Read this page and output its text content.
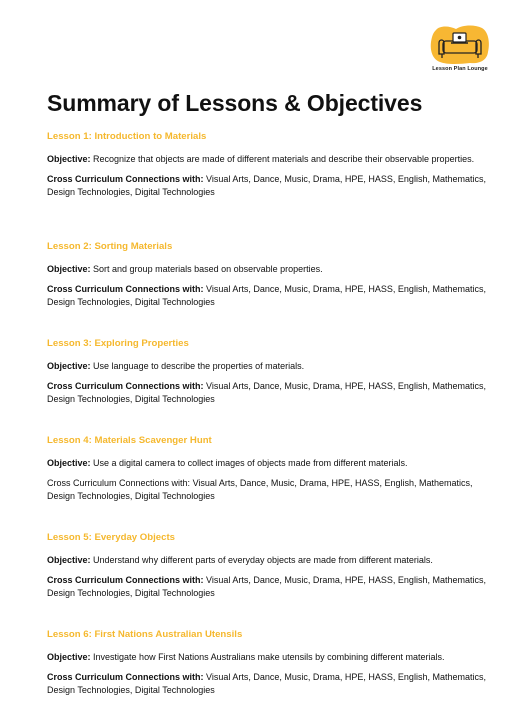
Lesson Plan Lounge
Summary of Lessons & Objectives

Lesson 1: Introduction to Materials

Objective: Recognize that objects are made of different materials and describe their observable properties.

Cross Curriculum Connections with: Visual Arts, Dance, Music, Drama, HPE, HASS, English, Mathematics, Design Technologies, Digital Technologies

Lesson 2: Sorting Materials

Objective: Sort and group materials based on observable properties.

Cross Curriculum Connections with: Visual Arts, Dance, Music, Drama, HPE, HASS, English, Mathematics, Design Technologies, Digital Technologies

Lesson 3: Exploring Properties

Objective: Use language to describe the properties of materials.

Cross Curriculum Connections with: Visual Arts, Dance, Music, Drama, HPE, HASS, English, Mathematics, Design Technologies, Digital Technologies

Lesson 4: Materials Scavenger Hunt

Objective: Use a digital camera to collect images of objects made from different materials.

Cross Curriculum Connections with: Visual Arts, Dance, Music, Drama, HPE, HASS, English, Mathematics, Design Technologies, Digital Technologies

Lesson 5: Everyday Objects

Objective: Understand why different parts of everyday objects are made from different materials.

Cross Curriculum Connections with: Visual Arts, Dance, Music, Drama, HPE, HASS, English, Mathematics, Design Technologies, Digital Technologies

Lesson 6: First Nations Australian Utensils

Objective: Investigate how First Nations Australians make utensils by combining different materials.

Cross Curriculum Connections with: Visual Arts, Dance, Music, Drama, HPE, HASS, English, Mathematics, Design Technologies, Digital Technologies
